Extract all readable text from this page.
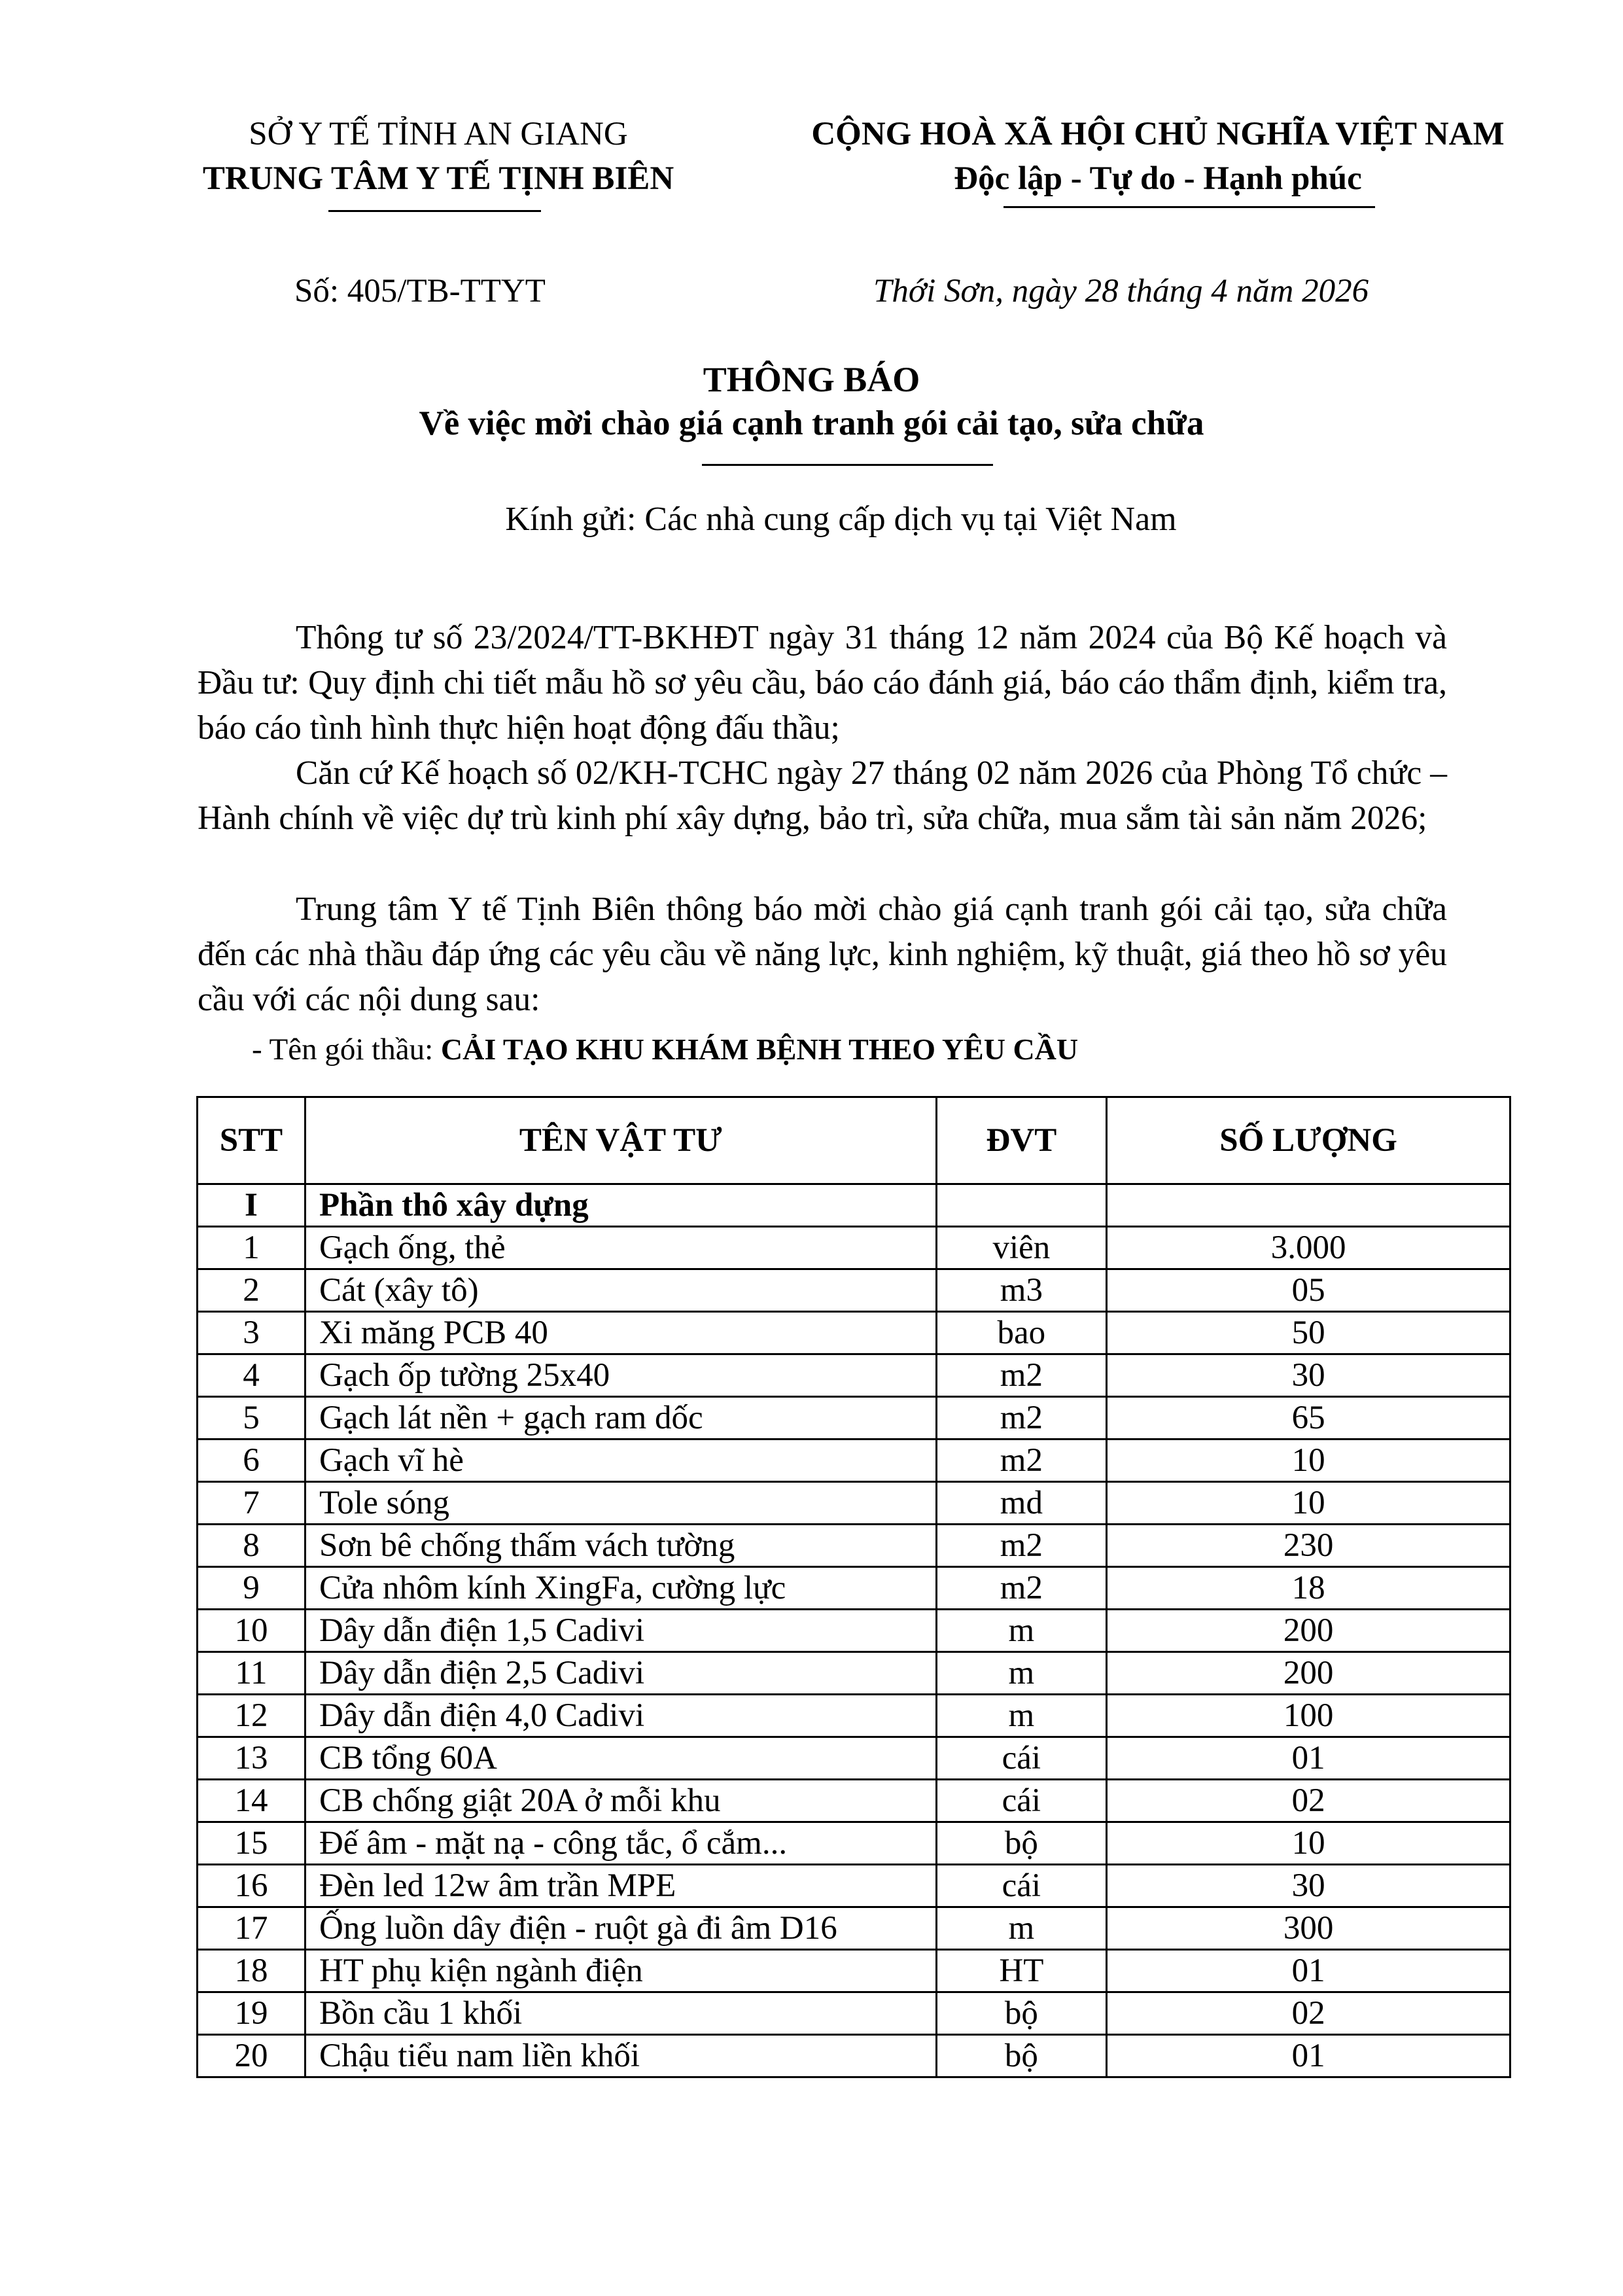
SỞ Y TẾ TỈNH AN GIANG
TRUNG TÂM Y TẾ TỊNH BIÊN
CỘNG HOÀ XÃ HỘI CHỦ NGHĨA VIỆT NAM
Độc lập - Tự do - Hạnh phúc
Số: 405/TB-TTYT	Thới Sơn, ngày 28 tháng 4 năm 2026
THÔNG BÁO
Về việc mời chào giá cạnh tranh gói cải tạo, sửa chữa
Kính gửi: Các nhà cung cấp dịch vụ tại Việt Nam

Thông tư số 23/2024/TT-BKHĐT ngày 31 tháng 12 năm 2024 của Bộ Kế hoạch và Đầu tư: Quy định chi tiết mẫu hồ sơ yêu cầu, báo cáo đánh giá, báo cáo thẩm định, kiểm tra, báo cáo tình hình thực hiện hoạt động đấu thầu;

Căn cứ Kế hoạch số 02/KH-TCHC ngày 27 tháng 02 năm 2026 của Phòng Tổ chức – Hành chính về việc dự trù kinh phí xây dựng, bảo trì, sửa chữa, mua sắm tài sản năm 2026;

Trung tâm Y tế Tịnh Biên thông báo mời chào giá cạnh tranh gói cải tạo, sửa chữa đến các nhà thầu đáp ứng các yêu cầu về năng lực, kinh nghiệm, kỹ thuật, giá theo hồ sơ yêu cầu với các nội dung sau:

- Tên gói thầu: CẢI TẠO KHU KHÁM BỆNH THEO YÊU CẦU
STT	TÊN VẬT TƯ	ĐVT	SỐ LƯỢNG
I	Phần thô xây dựng		
1	Gạch ống, thẻ	viên	3.000
2	Cát (xây tô)	m3	05
3	Xi măng PCB 40	bao	50
4	Gạch ốp tường 25x40	m2	30
5	Gạch lát nền + gạch ram dốc	m2	65
6	Gạch vĩ hè	m2	10
7	Tole sóng	md	10
8	Sơn bê chống thấm vách tường	m2	230
9	Cửa nhôm kính XingFa, cường lực	m2	18
10	Dây dẫn điện 1,5 Cadivi	m	200
11	Dây dẫn điện 2,5 Cadivi	m	200
12	Dây dẫn điện 4,0 Cadivi	m	100
13	CB tổng 60A	cái	01
14	CB chống giật 20A ở mỗi khu	cái	02
15	Đế âm - mặt nạ - công tắc, ổ cắm...	bộ	10
16	Đèn led 12w âm trần MPE	cái	30
17	Ống luồn dây điện - ruột gà đi âm D16	m	300
18	HT phụ kiện ngành điện	HT	01
19	Bồn cầu 1 khối	bộ	02
20	Chậu tiểu nam liền khối	bộ	01
